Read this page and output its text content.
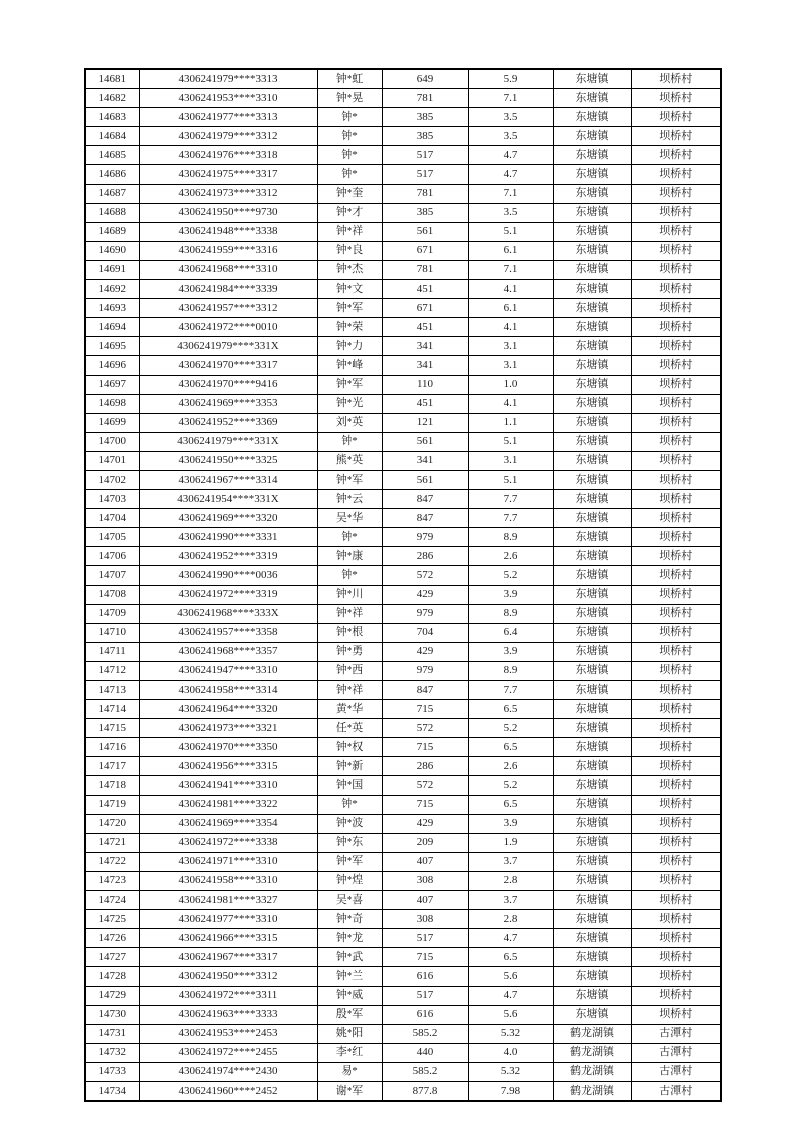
14681	4306241979****3313	钟*虹	649	5.9	东塘镇	坝桥村
14682	4306241953****3310	钟*晃	781	7.1	东塘镇	坝桥村
14683	4306241977****3313	钟*	385	3.5	东塘镇	坝桥村
14684	4306241979****3312	钟*	385	3.5	东塘镇	坝桥村
14685	4306241976****3318	钟*	517	4.7	东塘镇	坝桥村
14686	4306241975****3317	钟*	517	4.7	东塘镇	坝桥村
14687	4306241973****3312	钟*奎	781	7.1	东塘镇	坝桥村
14688	4306241950****9730	钟*才	385	3.5	东塘镇	坝桥村
14689	4306241948****3338	钟*祥	561	5.1	东塘镇	坝桥村
14690	4306241959****3316	钟*良	671	6.1	东塘镇	坝桥村
14691	4306241968****3310	钟*杰	781	7.1	东塘镇	坝桥村
14692	4306241984****3339	钟*文	451	4.1	东塘镇	坝桥村
14693	4306241957****3312	钟*军	671	6.1	东塘镇	坝桥村
14694	4306241972****0010	钟*荣	451	4.1	东塘镇	坝桥村
14695	4306241979****331X	钟*力	341	3.1	东塘镇	坝桥村
14696	4306241970****3317	钟*峰	341	3.1	东塘镇	坝桥村
14697	4306241970****9416	钟*军	110	1.0	东塘镇	坝桥村
14698	4306241969****3353	钟*光	451	4.1	东塘镇	坝桥村
14699	4306241952****3369	刘*英	121	1.1	东塘镇	坝桥村
14700	4306241979****331X	钟*	561	5.1	东塘镇	坝桥村
14701	4306241950****3325	熊*英	341	3.1	东塘镇	坝桥村
14702	4306241967****3314	钟*军	561	5.1	东塘镇	坝桥村
14703	4306241954****331X	钟*云	847	7.7	东塘镇	坝桥村
14704	4306241969****3320	吴*华	847	7.7	东塘镇	坝桥村
14705	4306241990****3331	钟*	979	8.9	东塘镇	坝桥村
14706	4306241952****3319	钟*康	286	2.6	东塘镇	坝桥村
14707	4306241990****0036	钟*	572	5.2	东塘镇	坝桥村
14708	4306241972****3319	钟*川	429	3.9	东塘镇	坝桥村
14709	4306241968****333X	钟*祥	979	8.9	东塘镇	坝桥村
14710	4306241957****3358	钟*根	704	6.4	东塘镇	坝桥村
14711	4306241968****3357	钟*勇	429	3.9	东塘镇	坝桥村
14712	4306241947****3310	钟*西	979	8.9	东塘镇	坝桥村
14713	4306241958****3314	钟*祥	847	7.7	东塘镇	坝桥村
14714	4306241964****3320	黄*华	715	6.5	东塘镇	坝桥村
14715	4306241973****3321	任*英	572	5.2	东塘镇	坝桥村
14716	4306241970****3350	钟*权	715	6.5	东塘镇	坝桥村
14717	4306241956****3315	钟*新	286	2.6	东塘镇	坝桥村
14718	4306241941****3310	钟*国	572	5.2	东塘镇	坝桥村
14719	4306241981****3322	钟*	715	6.5	东塘镇	坝桥村
14720	4306241969****3354	钟*波	429	3.9	东塘镇	坝桥村
14721	4306241972****3338	钟*东	209	1.9	东塘镇	坝桥村
14722	4306241971****3310	钟*军	407	3.7	东塘镇	坝桥村
14723	4306241958****3310	钟*煌	308	2.8	东塘镇	坝桥村
14724	4306241981****3327	吴*喜	407	3.7	东塘镇	坝桥村
14725	4306241977****3310	钟*奇	308	2.8	东塘镇	坝桥村
14726	4306241966****3315	钟*龙	517	4.7	东塘镇	坝桥村
14727	4306241967****3317	钟*武	715	6.5	东塘镇	坝桥村
14728	4306241950****3312	钟*兰	616	5.6	东塘镇	坝桥村
14729	4306241972****3311	钟*威	517	4.7	东塘镇	坝桥村
14730	4306241963****3333	殷*军	616	5.6	东塘镇	坝桥村
14731	4306241953****2453	姚*阳	585.2	5.32	鹤龙湖镇	古潭村
14732	4306241972****2455	李*红	440	4.0	鹤龙湖镇	古潭村
14733	4306241974****2430	易*	585.2	5.32	鹤龙湖镇	古潭村
14734	4306241960****2452	谢*军	877.8	7.98	鹤龙湖镇	古潭村
